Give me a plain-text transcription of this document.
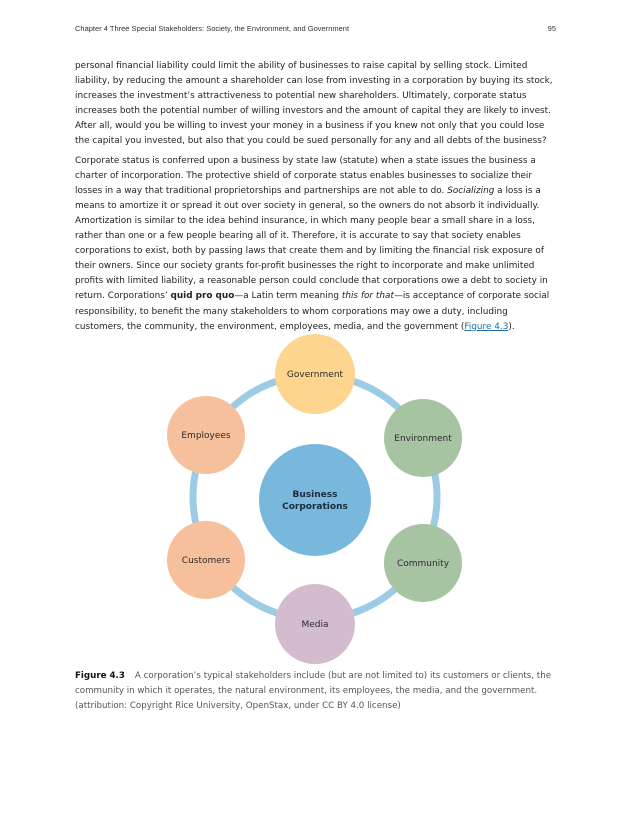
Chapter 4 Three Special Stakeholders: Society, the Environment, and Government	95

personal financial liability could limit the ability of businesses to raise capital by selling stock. Limited liability, by reducing the amount a shareholder can lose from investing in a corporation by buying its stock, increases the investment’s attractiveness to potential new shareholders. Ultimately, corporate status increases both the potential number of willing investors and the amount of capital they are likely to invest. After all, would you be willing to invest your money in a business if you knew not only that you could lose the capital you invested, but also that you could be sued personally for any and all debts of the business?

Corporate status is conferred upon a business by state law (statute) when a state issues the business a charter of incorporation. The protective shield of corporate status enables businesses to socialize their losses in a way that traditional proprietorships and partnerships are not able to do. Socializing a loss is a means to amortize it or spread it out over society in general, so the owners do not absorb it individually. Amortization is similar to the idea behind insurance, in which many people bear a small share in a loss, rather than one or a few people bearing all of it. Therefore, it is accurate to say that society enables corporations to exist, both by passing laws that create them and by limiting the financial risk exposure of their owners. Since our society grants for-profit businesses the right to incorporate and make unlimited profits with limited liability, a reasonable person could conclude that corporations owe a debt to society in return. Corporations’ quid pro quo—a Latin term meaning this for that—is acceptance of corporate social responsibility, to benefit the many stakeholders to whom corporations may owe a duty, including customers, the community, the environment, employees, media, and the government (Figure 4.3).

Government
Environment
Community
Media
Customers
Employees
Business
Corporations
Figure 4.3 A corporation’s typical stakeholders include (but are not limited to) its customers or clients, the community in which it operates, the natural environment, its employees, the media, and the government. (attribution: Copyright Rice University, OpenStax, under CC BY 4.0 license)
